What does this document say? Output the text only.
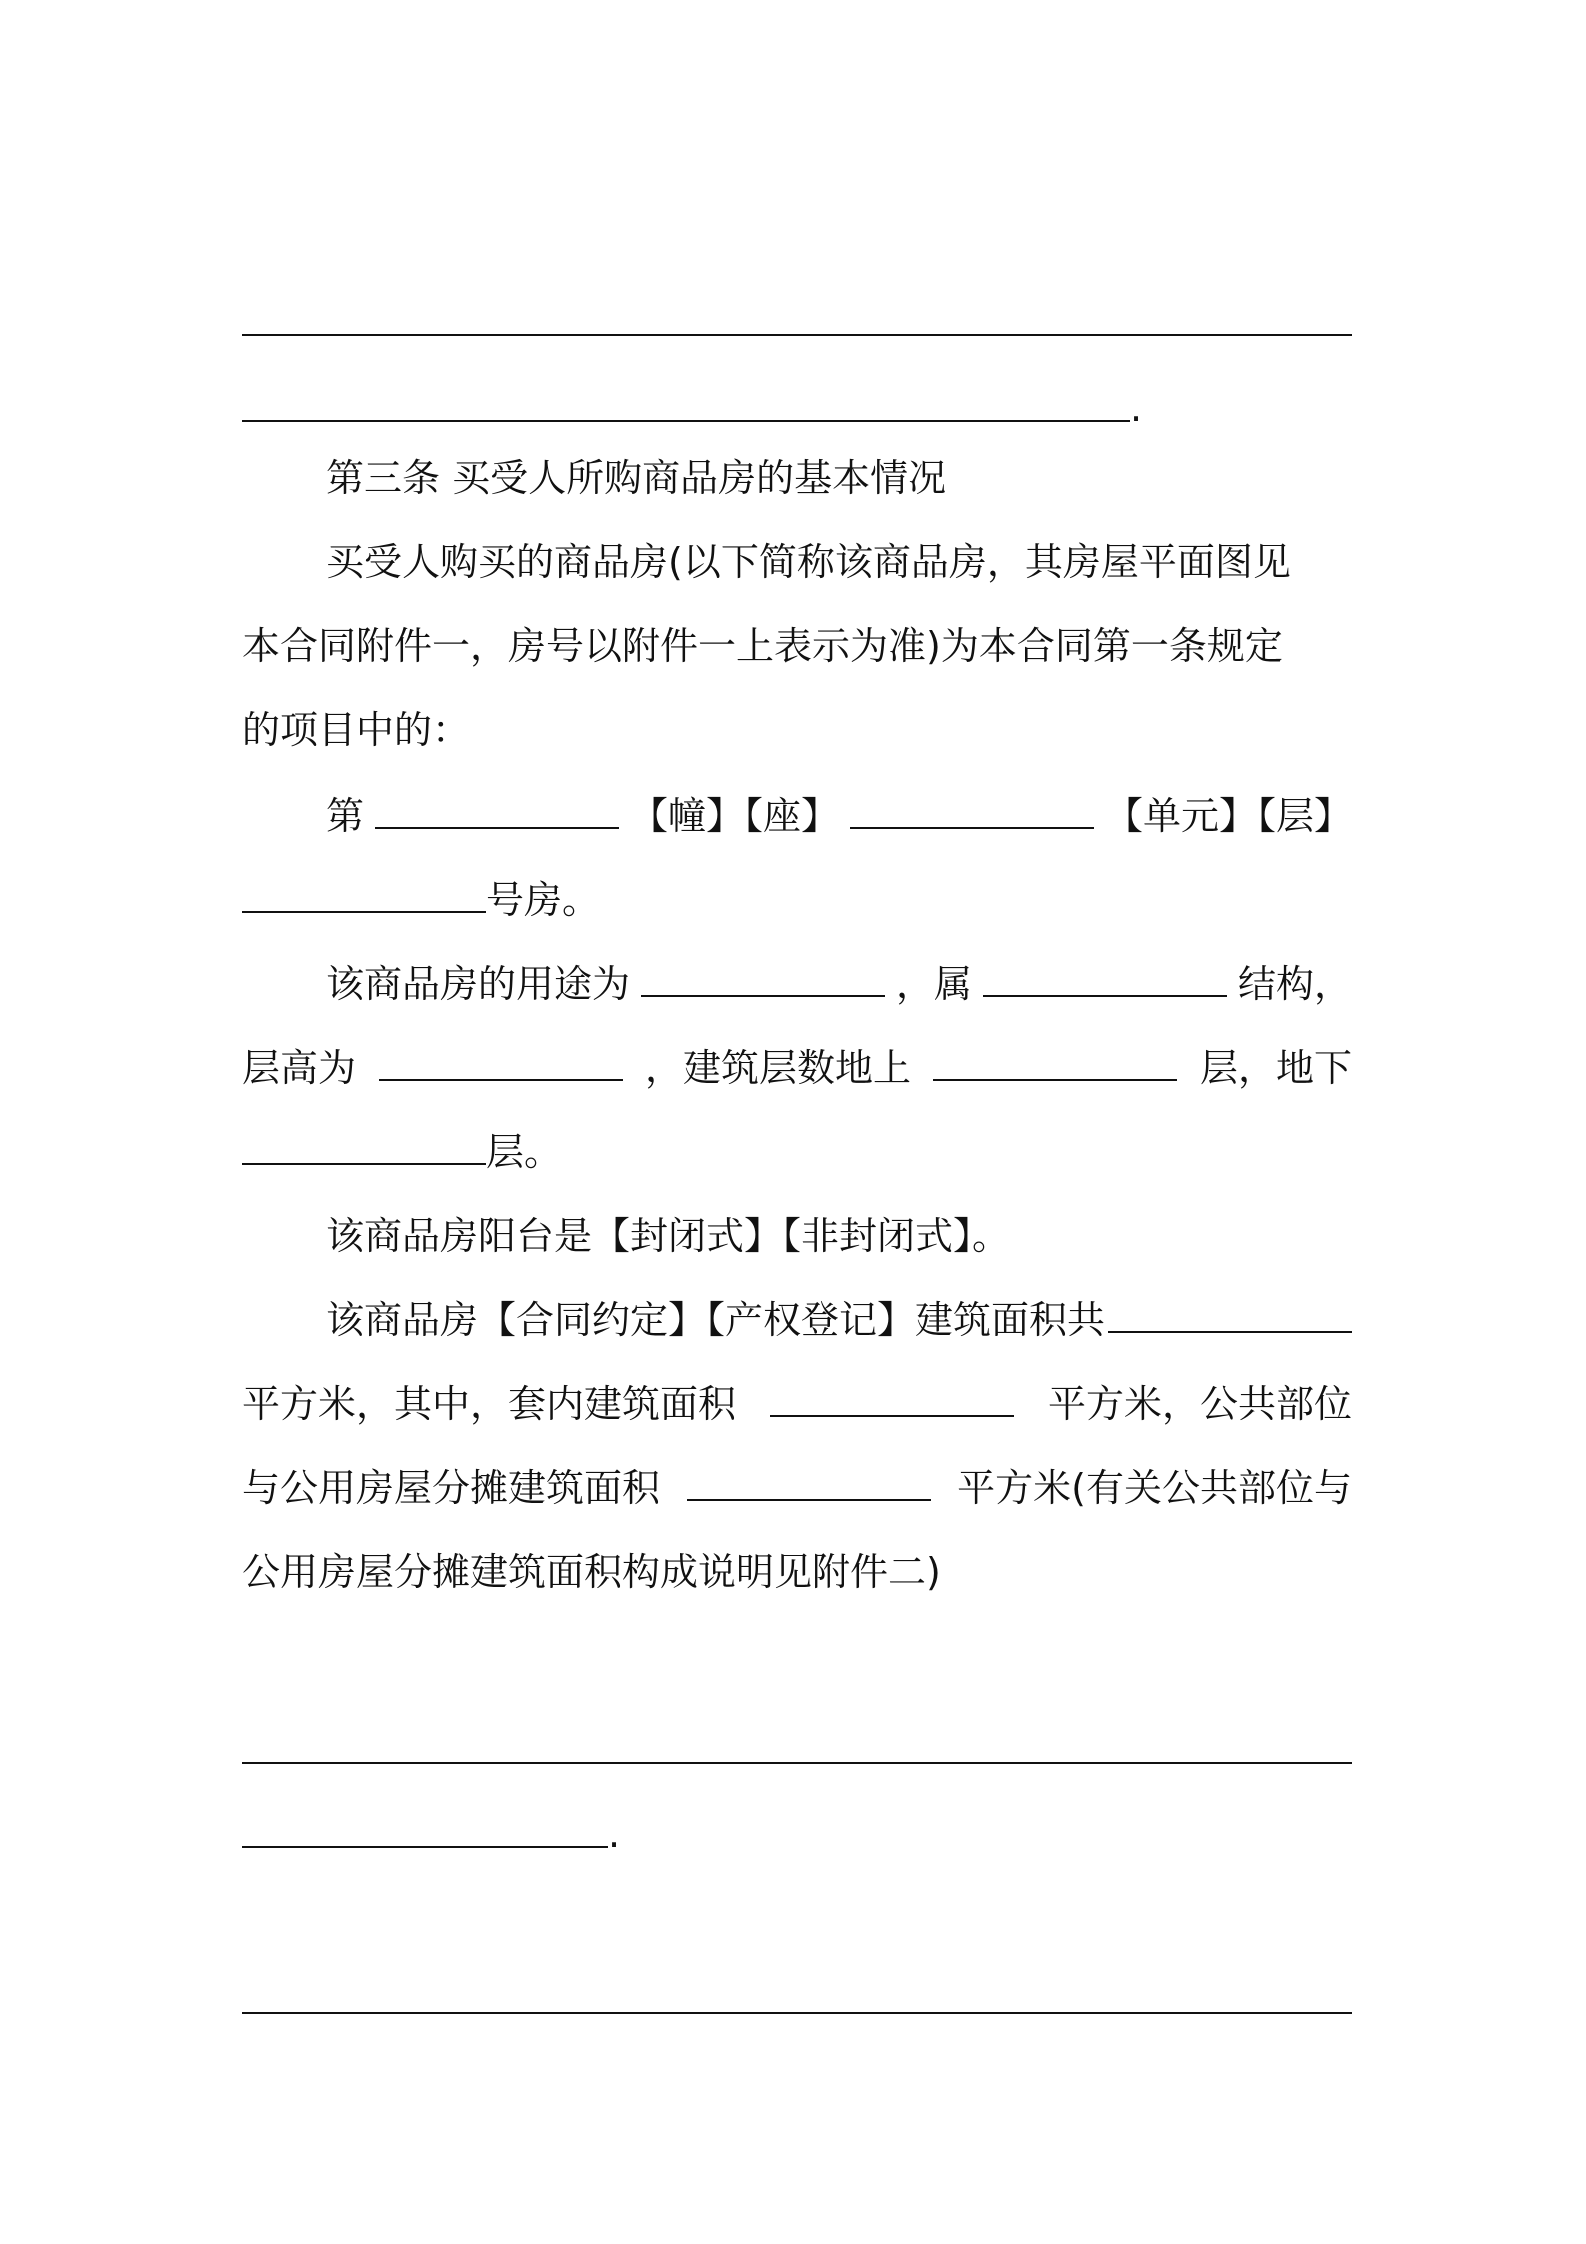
.
第三条 买受人所购商品房的基本情况
买受人购买的商品房(以下简称该商品房，其房屋平面图见
本合同附件一，房号以附件一上表示为准)为本合同第一条规定
的项目中的：
第	【幢】【座】	【单元】【层】
号房。
该商品房的用途为	，属	结构，
层高为	，建筑层数地上	层，地下
层。
该商品房阳台是【封闭式】【非封闭式】。
该商品房【合同约定】【产权登记】建筑面积共
平方米，其中，套内建筑面积	平方米，公共部位
与公用房屋分摊建筑面积	平方米(有关公共部位与
公用房屋分摊建筑面积构成说明见附件二)
.
